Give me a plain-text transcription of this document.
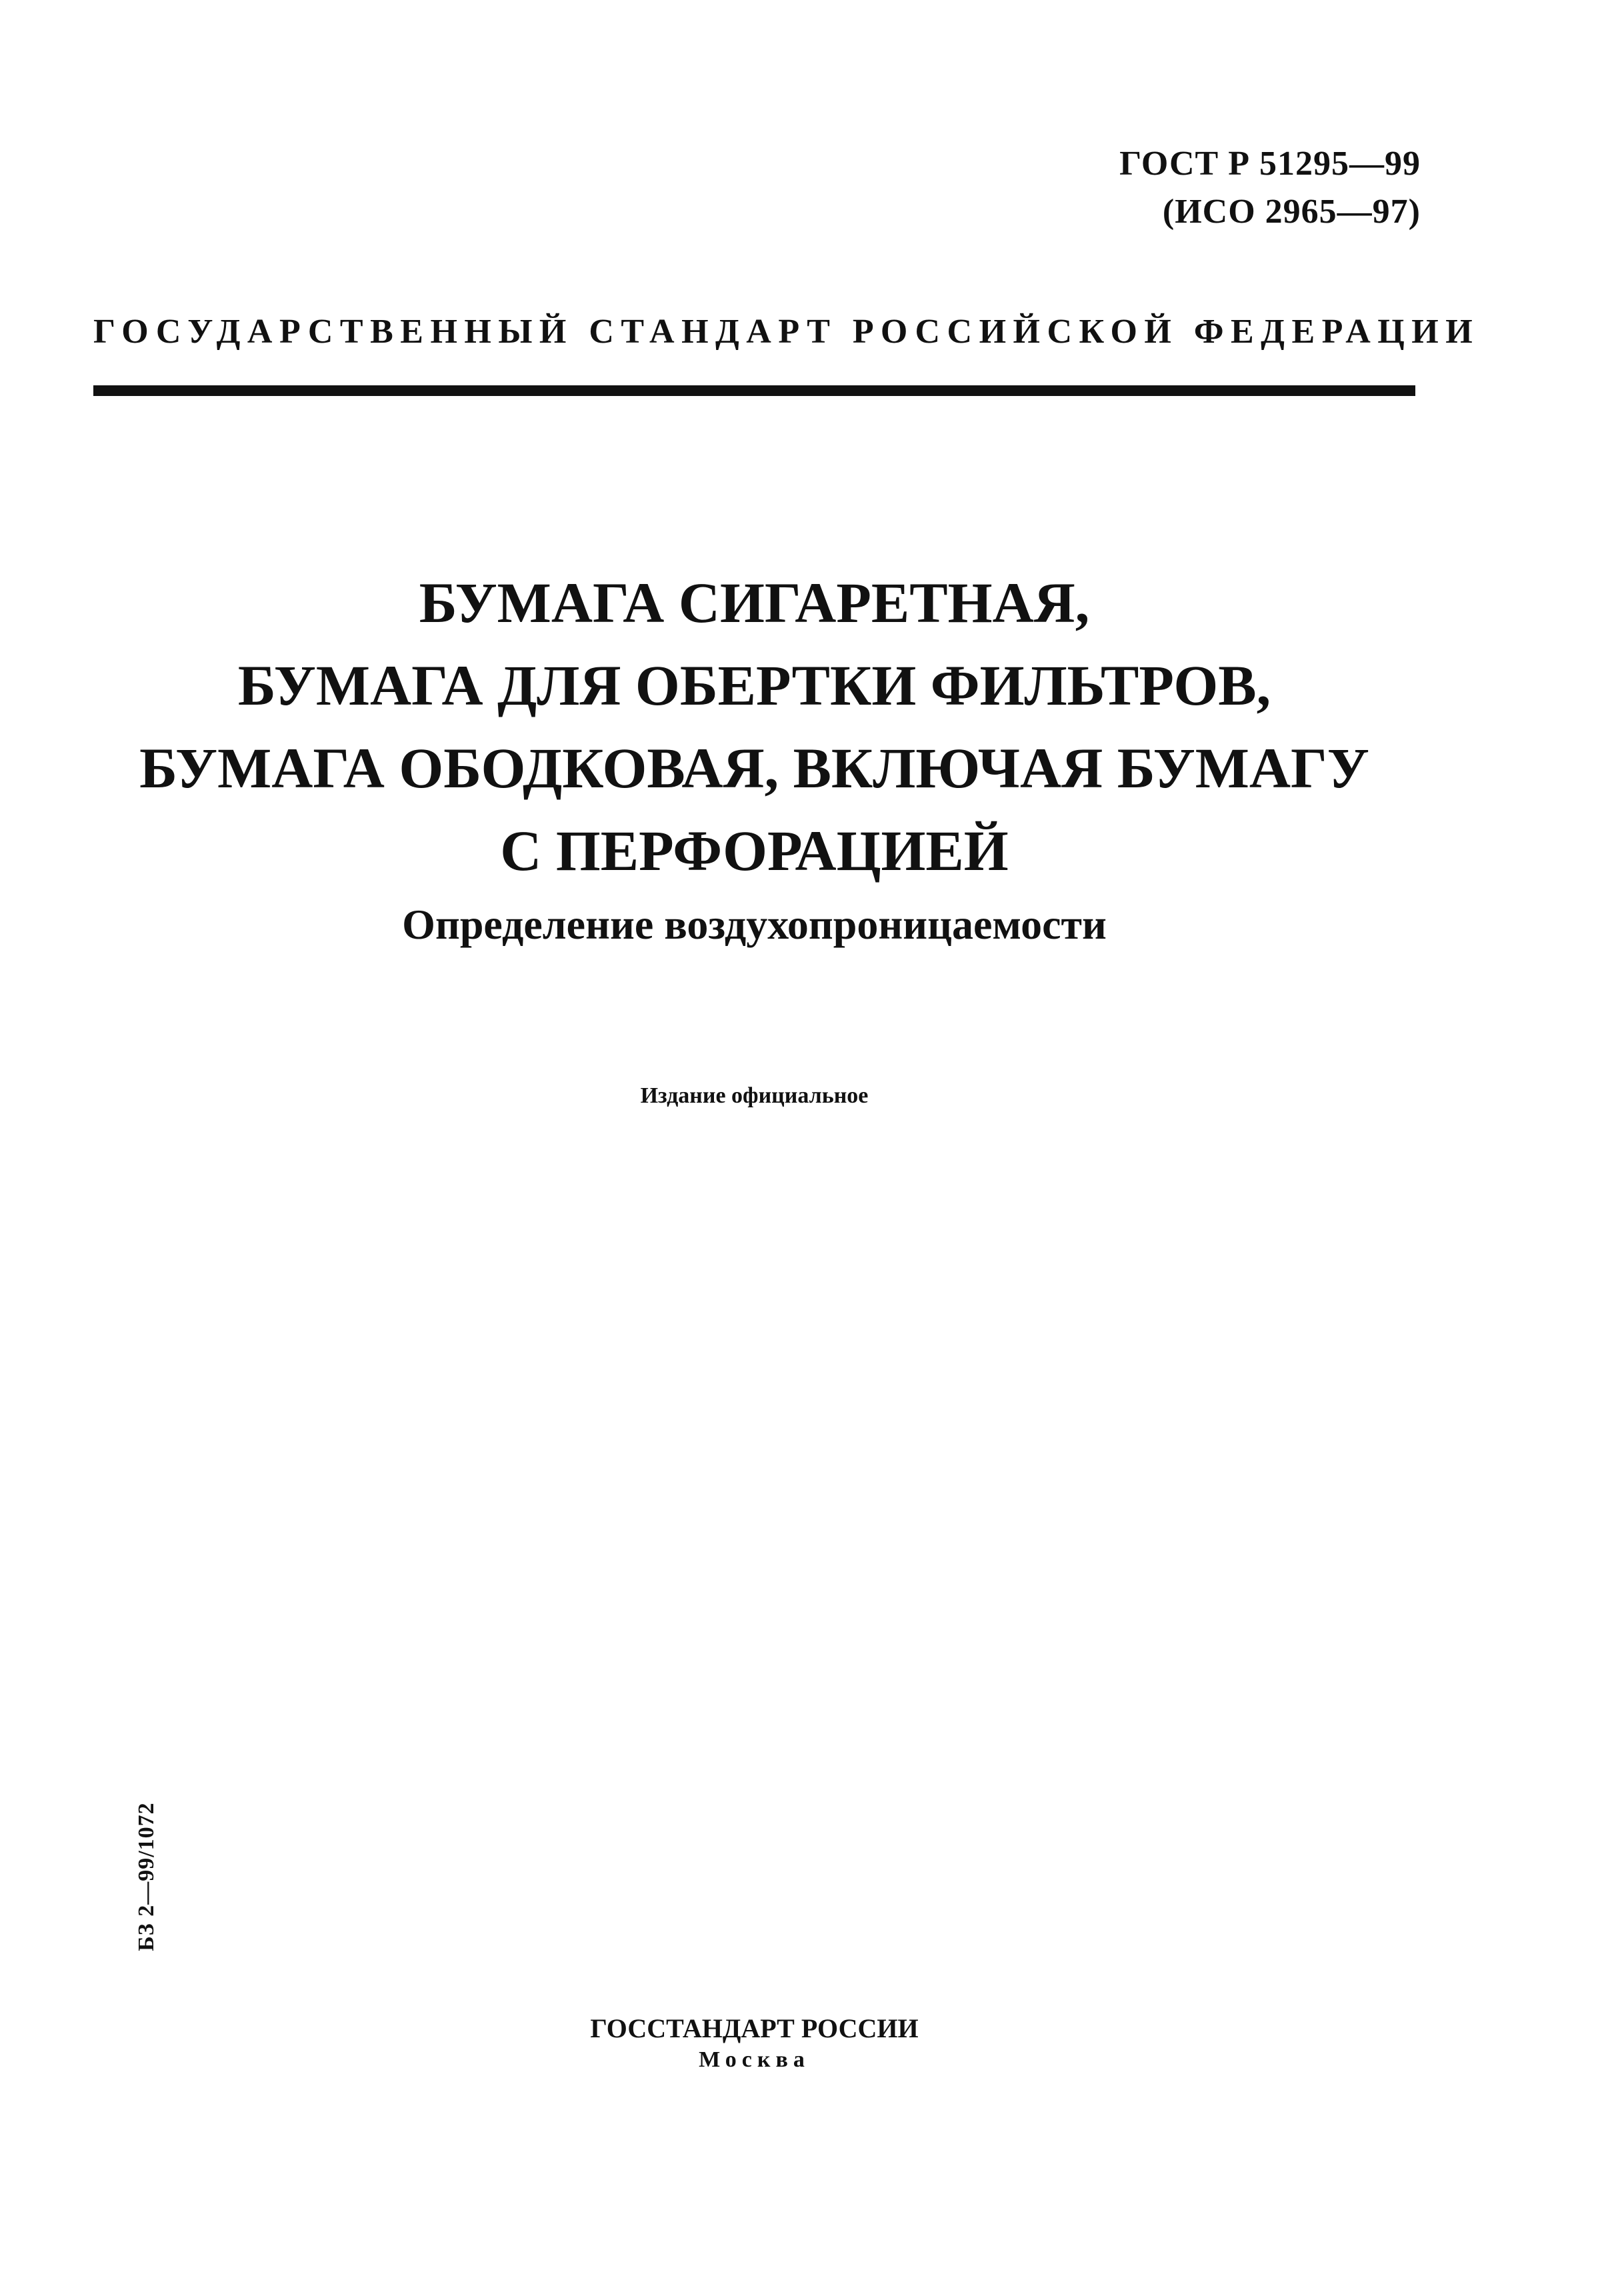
ГОСТ Р 51295—99
(ИСО 2965—97)
ГОСУДАРСТВЕННЫЙ СТАНДАРТ РОССИЙСКОЙ ФЕДЕРАЦИИ
БУМАГА СИГАРЕТНАЯ,
БУМАГА ДЛЯ ОБЕРТКИ ФИЛЬТРОВ,
БУМАГА ОБОДКОВАЯ, ВКЛЮЧАЯ БУМАГУ
С ПЕРФОРАЦИЕЙ
Определение воздухопроницаемости
Издание официальное
БЗ 2—99/1072
ГОССТАНДАРТ РОССИИ
Москва
